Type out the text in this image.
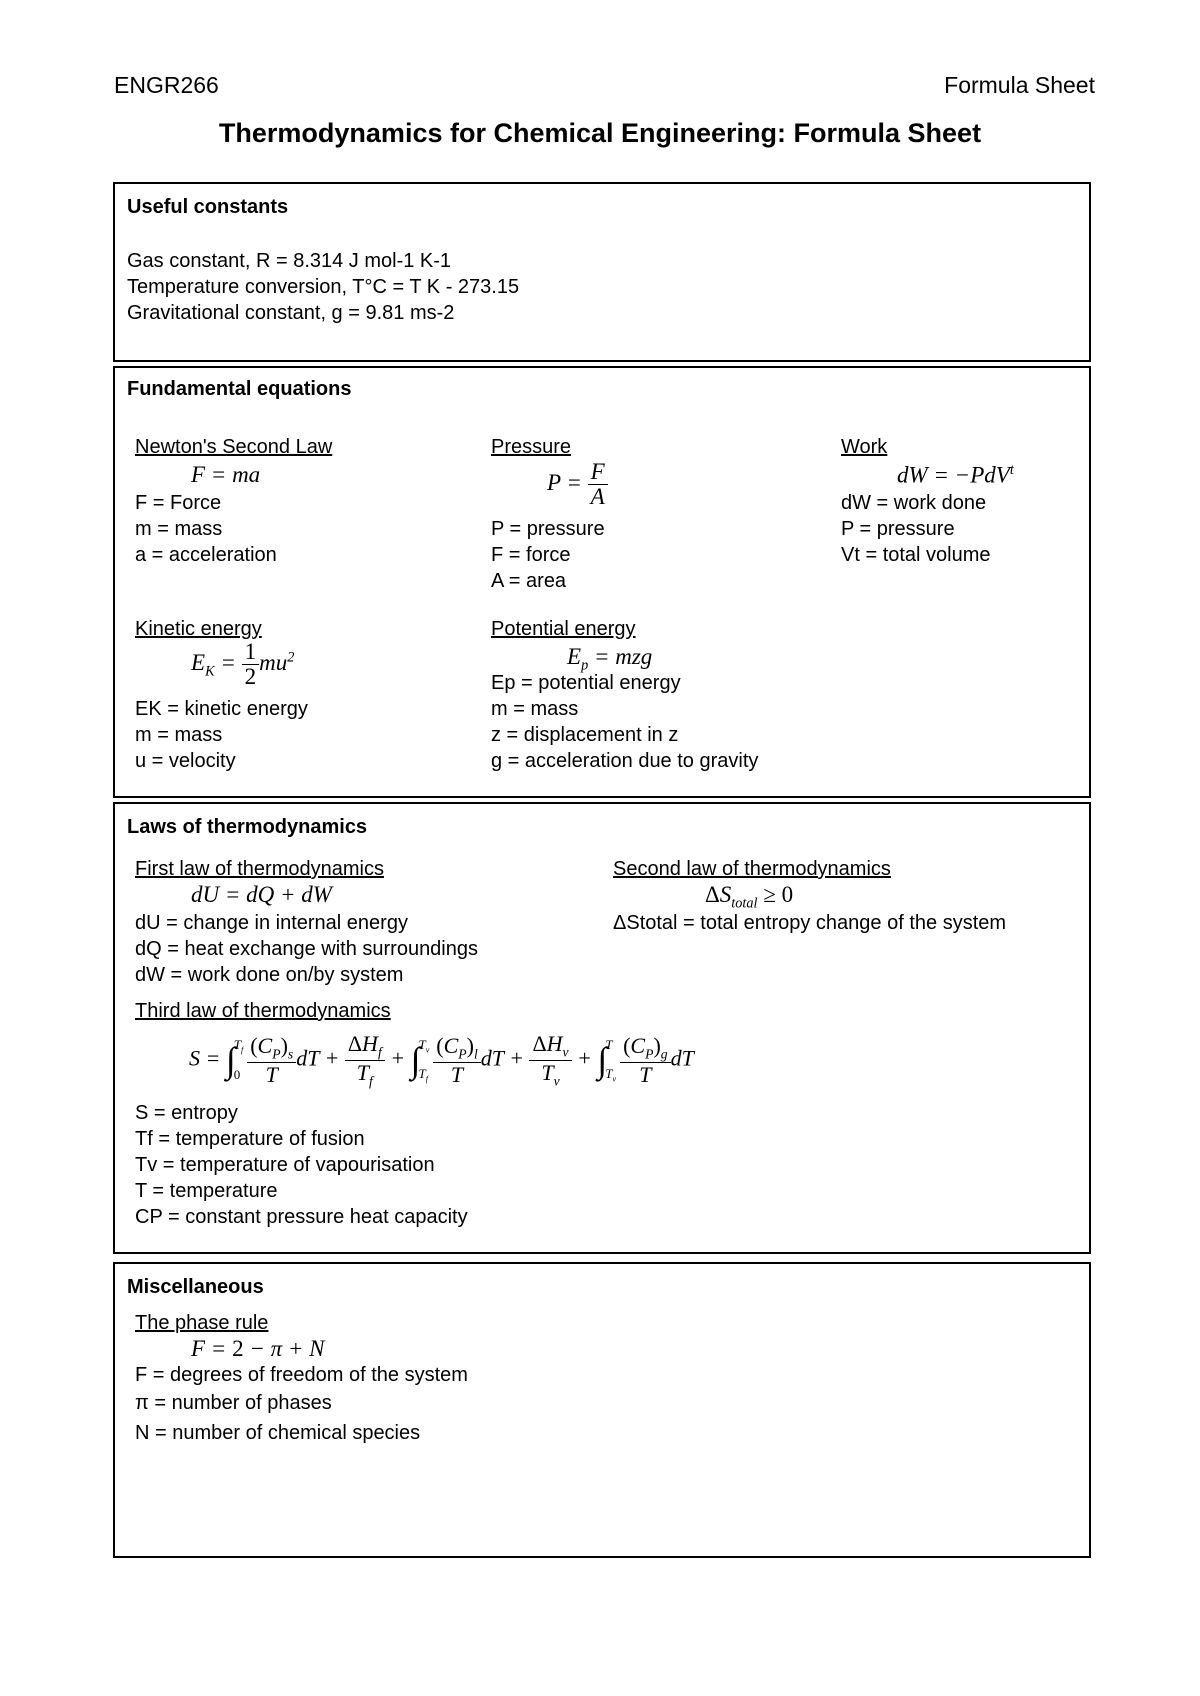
ENGR266	Formula Sheet
Thermodynamics for Chemical Engineering: Formula Sheet
Useful constants
Gas constant, R = 8.314 J mol-1 K-1
Temperature conversion, T°C = T K - 273.15
Gravitational constant, g = 9.81 ms-2
Fundamental equations
Newton's Second Law
F = ma
F = Force
m = mass
a = acceleration
Pressure
$P = \frac{F}{A}$
P = pressure
F = force
A = area
Work
dW = −PdV$^t$
dW = work done
P = pressure
Vt = total volume
Kinetic energy
$E_K = \frac{1}{2} mu^2$
EK = kinetic energy
m = mass
u = velocity
Potential energy
$E_p$ = mzg
Ep = potential energy
m = mass
z = displacement in z
g = acceleration due to gravity
Laws of thermodynamics
First law of thermodynamics
dU = dQ + dW
dU = change in internal energy
dQ = heat exchange with surroundings
dW = work done on/by system
Second law of thermodynamics
$\Delta S_{total} \ge 0$
ΔStotal = total entropy change of the system
Third law of thermodynamics
S = ∫
$T_f$
$0 \frac{(C_P)_s}{T}$ dT + $\frac{\Delta H_f}{T_f}$ + ∫
$T_v$
$T_f \frac{(C_P)_l}{T}$ dT + $\frac{\Delta H_v}{T_v}$ + ∫
T
$T_v \frac{(C_P)_g}{T}$ dT
S = entropy
Tf = temperature of fusion
Tv = temperature of vapourisation
T = temperature
CP = constant pressure heat capacity
Miscellaneous
The phase rule
F = 2 − π + N
F = degrees of freedom of the system
π = number of phases
N = number of chemical species
